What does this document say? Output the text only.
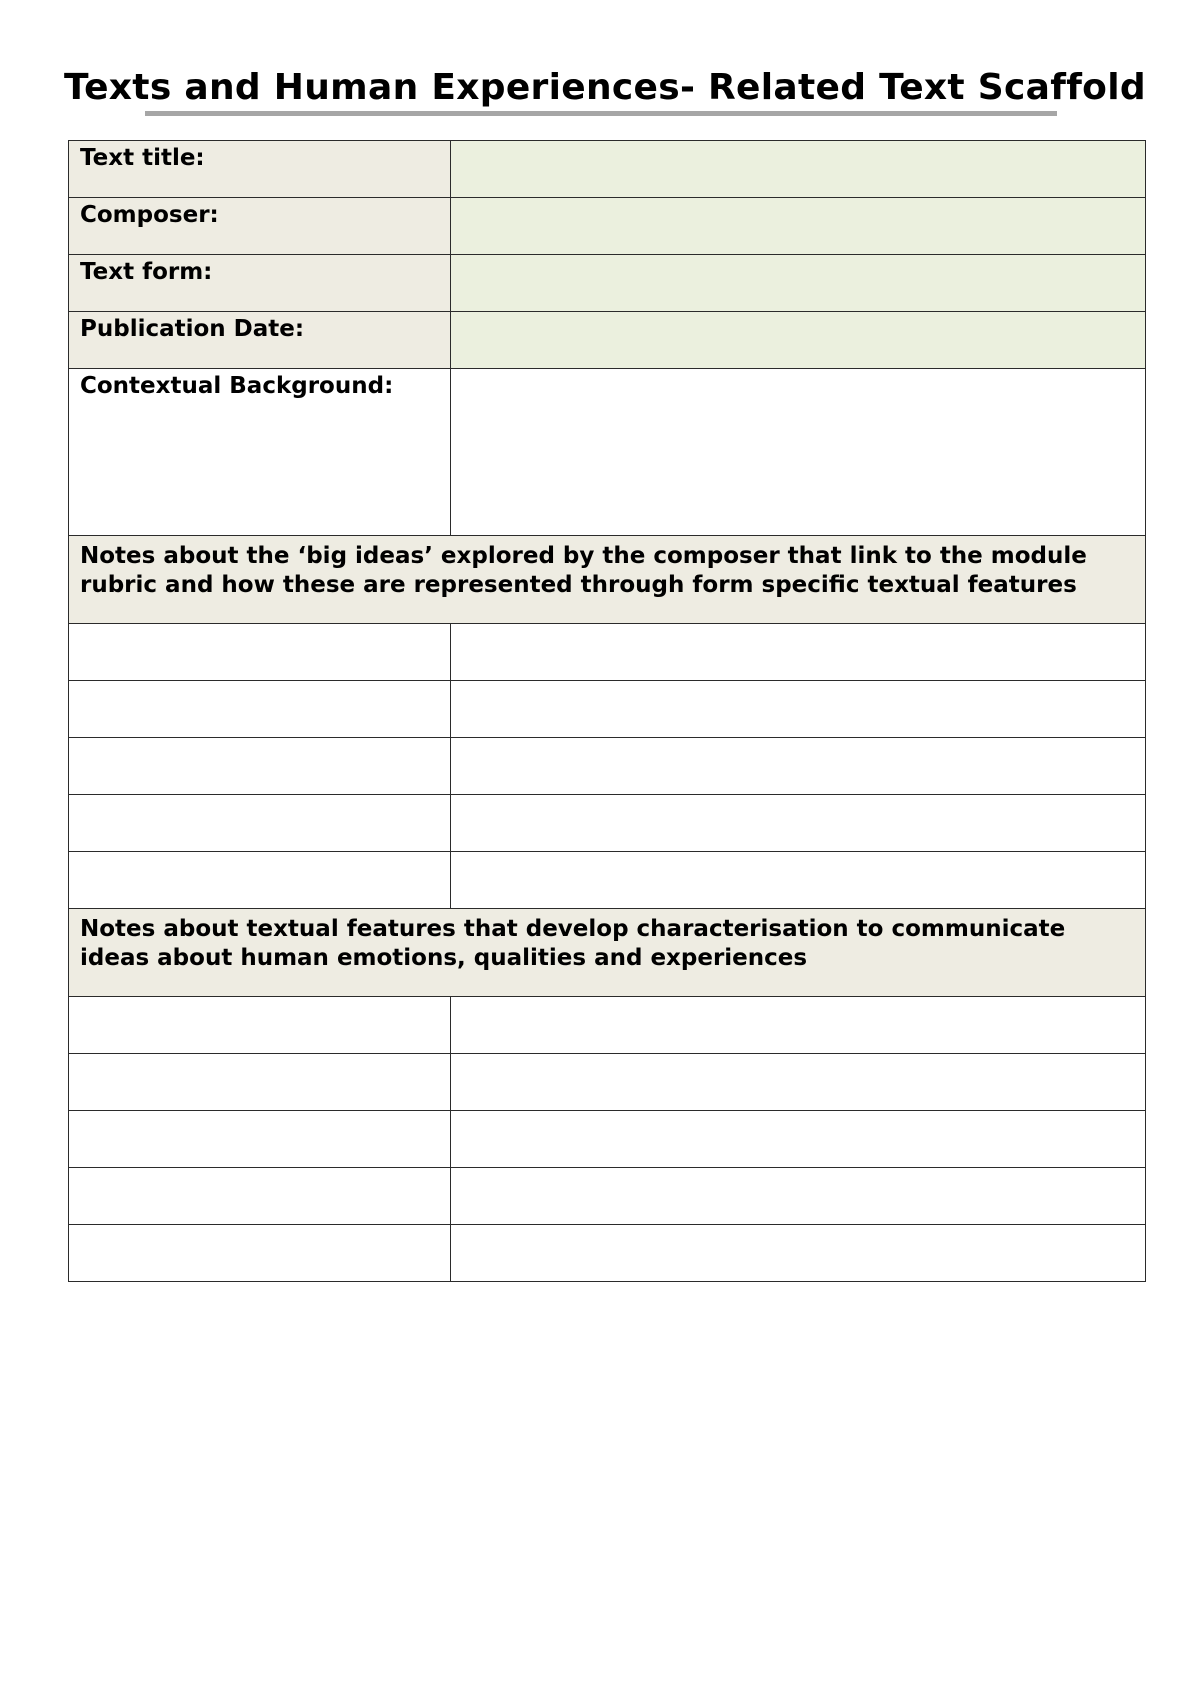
Texts and Human Experiences- Related Text Scaffold
Text title:	
Composer:	
Text form:	
Publication Date:	
Contextual Background:	
Notes about the ‘big ideas’ explored by the composer that link to the module rubric and how these are represented through form specific textual features	

Notes about textual features that develop characterisation to communicate ideas about human emotions, qualities and experiences	
